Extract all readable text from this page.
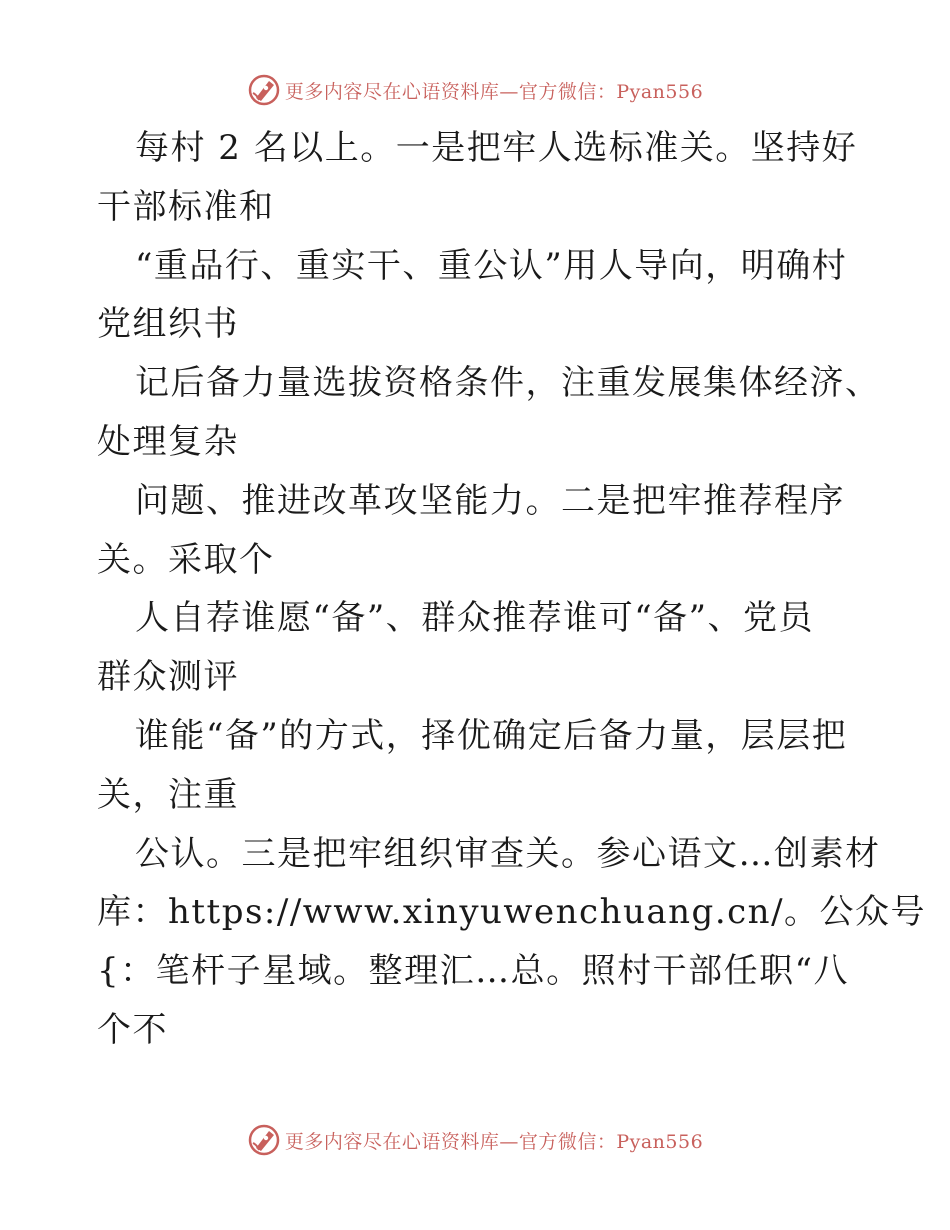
更多内容尽在心语资料库—官方微信：Pyan556
每村 2 名以上。一是把牢人选标准关。坚持好
干部标准和
“重品行、重实干、重公认”用人导向，明确村
党组织书
记后备力量选拔资格条件，注重发展集体经济、
处理复杂
问题、推进改革攻坚能力。二是把牢推荐程序
关。采取个
人自荐谁愿“备”、群众推荐谁可“备”、党员
群众测评
谁能“备”的方式，择优确定后备力量，层层把
关，注重
公认。三是把牢组织审查关。参心语文…创素材
库：https://www.xinyuwenchuang.cn/。公众号
{：笔杆子星域。整理汇…总。照村干部任职“八
个不
更多内容尽在心语资料库—官方微信：Pyan556
